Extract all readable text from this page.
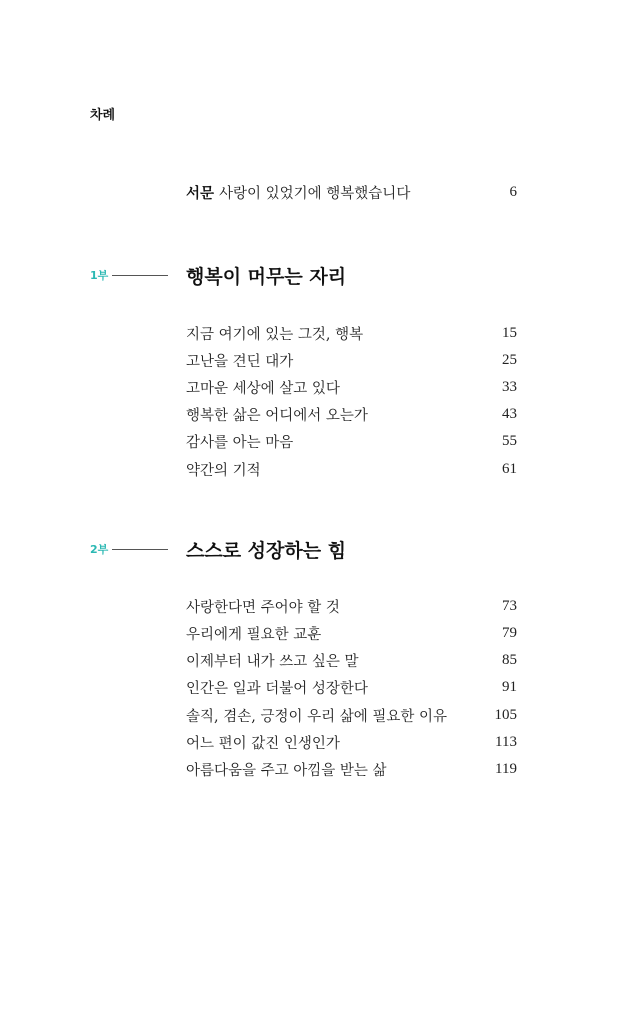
차례
서문 사랑이 있었기에 행복했습니다	6
1부	행복이 머무는 자리
지금 여기에 있는 그것, 행복	15
고난을 견딘 대가	25
고마운 세상에 살고 있다	33
행복한 삶은 어디에서 오는가	43
감사를 아는 마음	55
약간의 기적	61
2부	스스로 성장하는 힘
사랑한다면 주어야 할 것	73
우리에게 필요한 교훈	79
이제부터 내가 쓰고 싶은 말	85
인간은 일과 더불어 성장한다	91
솔직, 겸손, 긍정이 우리 삶에 필요한 이유	105
어느 편이 값진 인생인가	113
아름다움을 주고 아낌을 받는 삶	119
